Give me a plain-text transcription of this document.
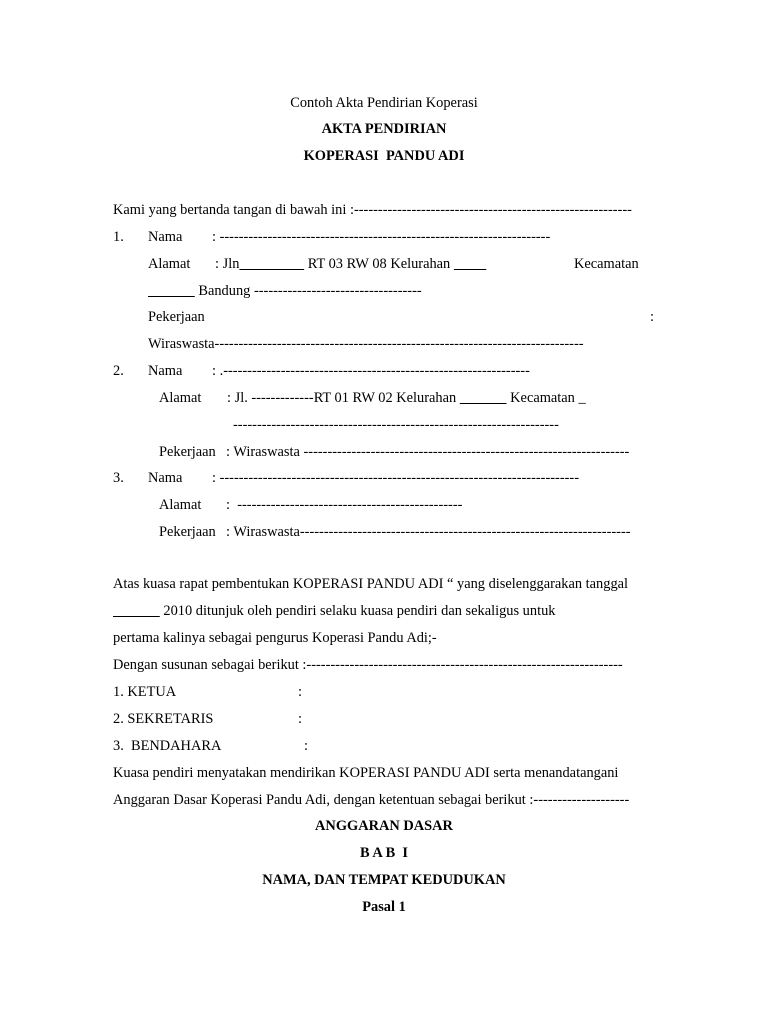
Contoh Akta Pendirian Koperasi
AKTA PENDIRIAN
KOPERASI  PANDU ADI
Kami yang bertanda tangan di bawah ini :----------------------------------------------------------
1. Nama : ---------------------------------------------------------------------
Alamat : Jln	RT 03 RW 08 Kelurahan	Kecamatan
Bandung -----------------------------------
Pekerjaan	:
Wiraswasta-----------------------------------------------------------------------------
2. Nama : .----------------------------------------------------------------
Alamat : Jl. -------------RT 01 RW 02 Kelurahan	Kecamatan _
--------------------------------------------------------------------
Pekerjaan : Wiraswasta --------------------------------------------------------------------
3. Nama : ---------------------------------------------------------------------------
Alamat :  -----------------------------------------------
Pekerjaan : Wiraswasta---------------------------------------------------------------------
Atas kuasa rapat pembentukan KOPERASI PANDU ADI “ yang diselenggarakan tanggal
2010 ditunjuk oleh pendiri selaku kuasa pendiri dan sekaligus untuk
pertama kalinya sebagai pengurus Koperasi Pandu Adi;-
Dengan susunan sebagai berikut :------------------------------------------------------------------
1. KETUA	:
2. SEKRETARIS	:
3.  BENDAHARA	:
Kuasa pendiri menyatakan mendirikan KOPERASI PANDU ADI serta menandatangani
Anggaran Dasar Koperasi Pandu Adi, dengan ketentuan sebagai berikut :--------------------
ANGGARAN DASAR
B A B  I
NAMA, DAN TEMPAT KEDUDUKAN
Pasal 1
